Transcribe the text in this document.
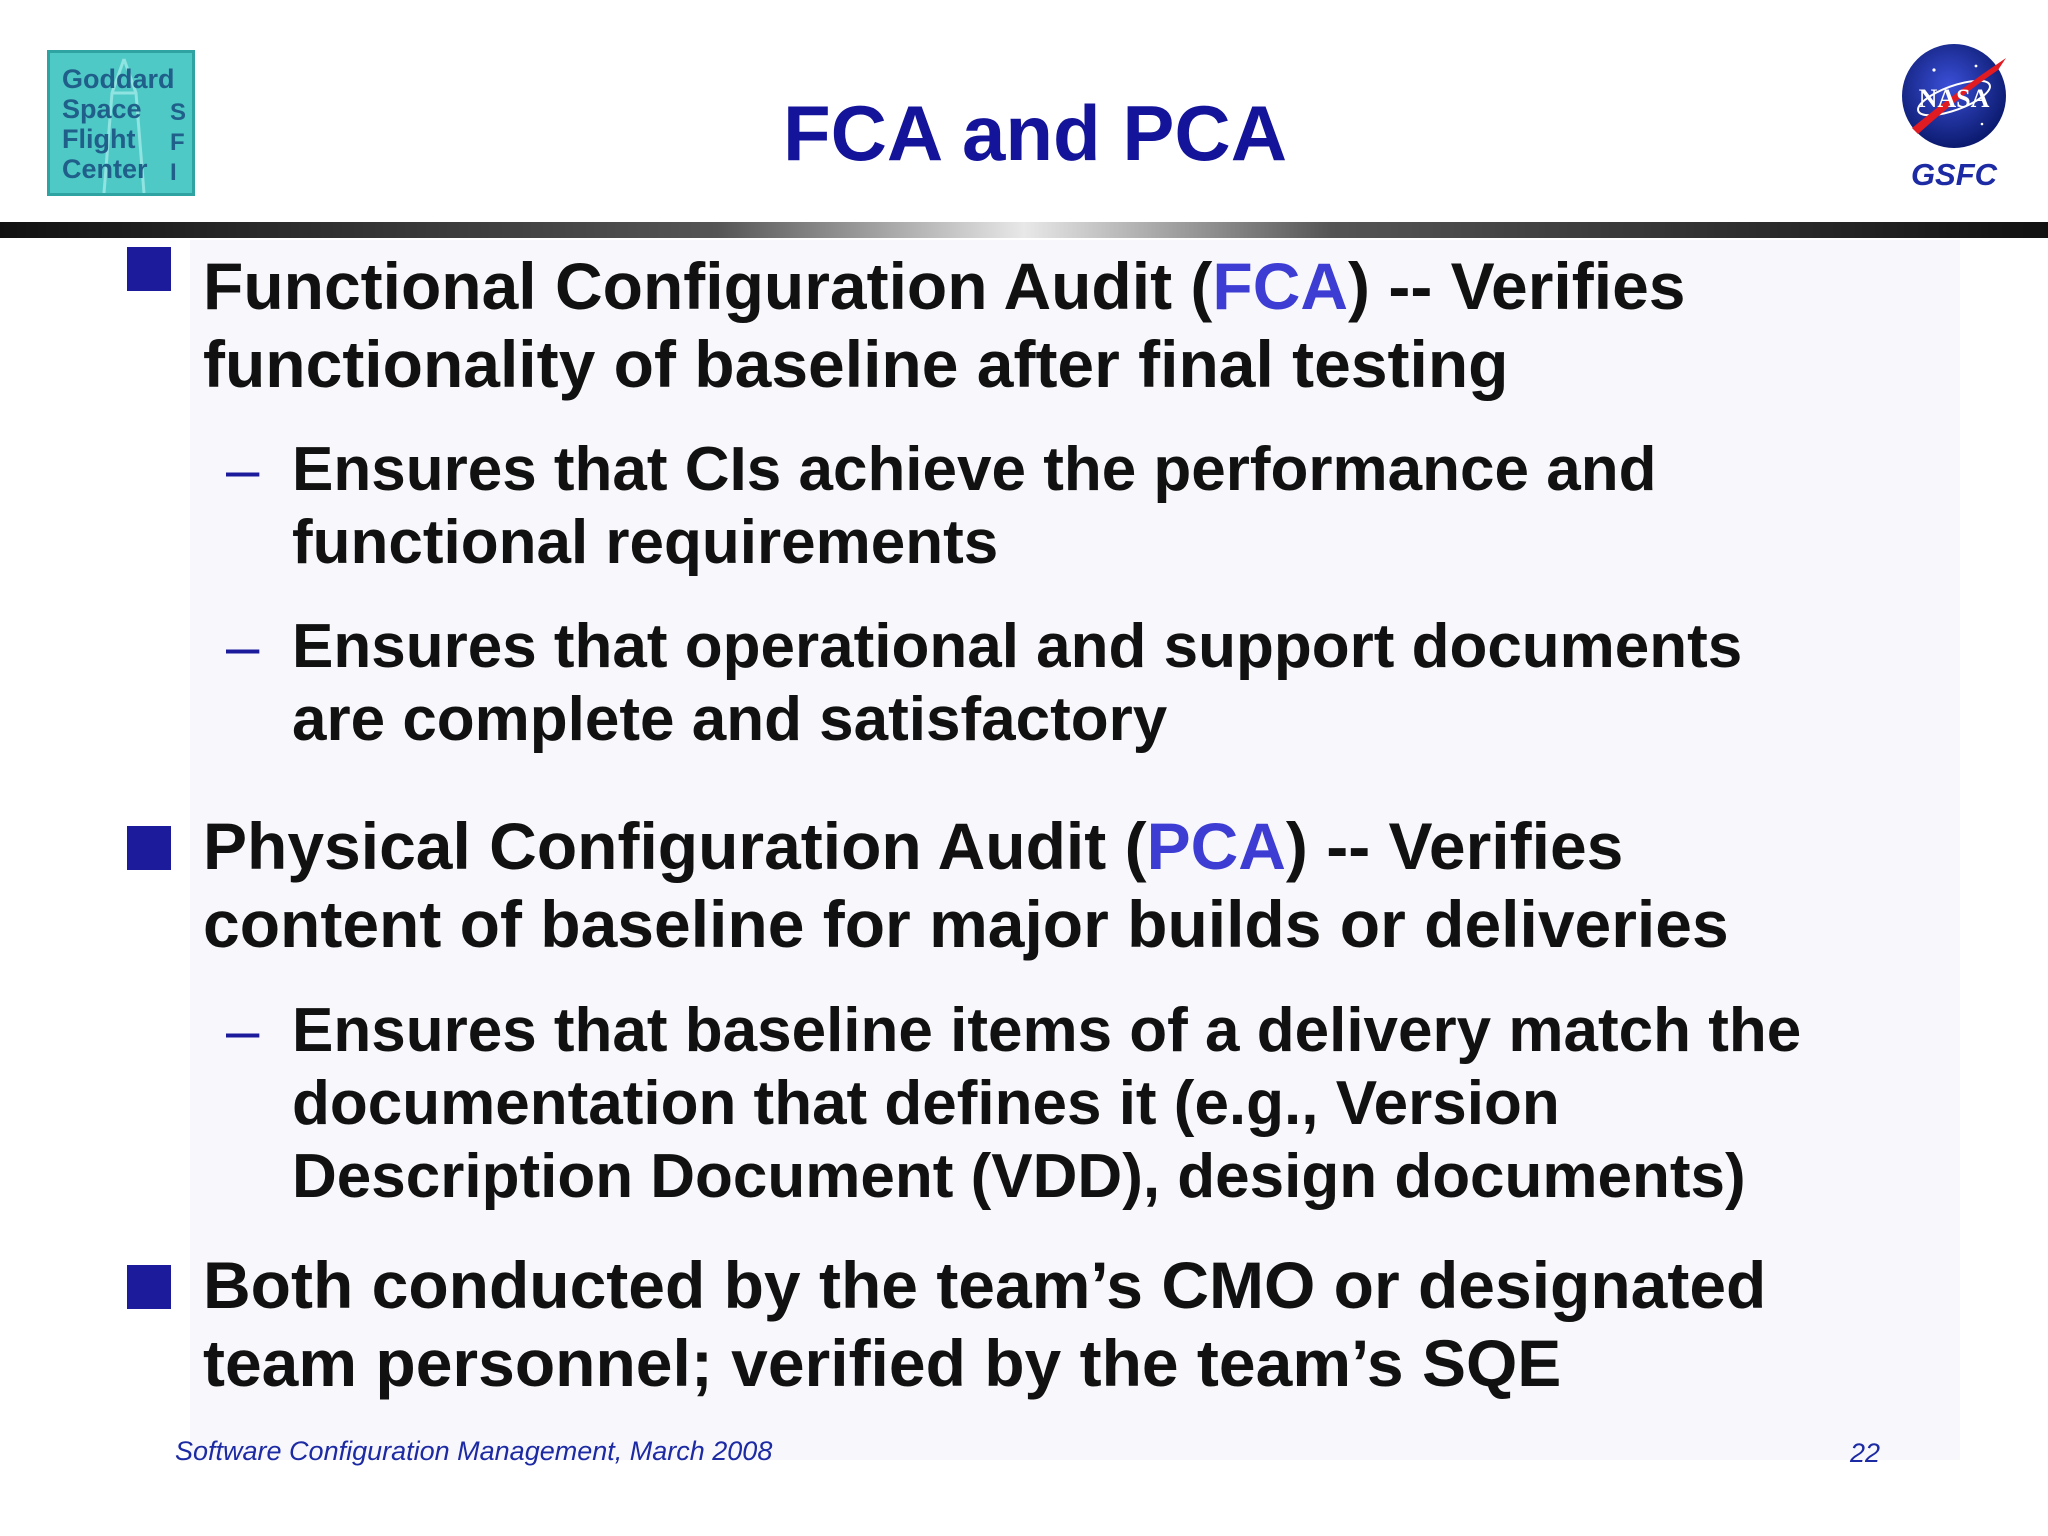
Goddard
Space
Flight
Center
S
F
I	FCA and PCA	NASA
GSFC

Functional Configuration Audit (FCA) -- Verifies

functionality of baseline after final testing

– Ensures that CIs achieve the performance and

functional requirements

– Ensures that operational and support documents

are complete and satisfactory

Physical Configuration Audit (PCA) -- Verifies

content of baseline for major builds or deliveries

– Ensures that baseline items of a delivery match the

documentation that defines it (e.g., Version

Description Document (VDD), design documents)

Both conducted by the team’s CMO or designated

team personnel; verified by the team’s SQE

Software Configuration Management, March 2008	22
